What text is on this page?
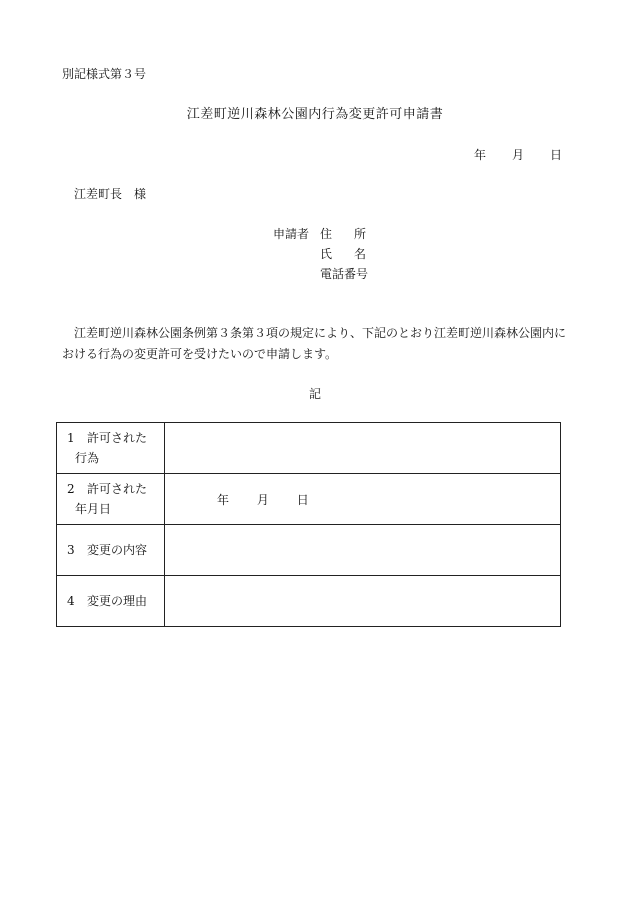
別記様式第３号
江差町逆川森林公園内行為変更許可申請書
年 月 日
江差町長　様
申請者 住 所
氏 名
電話番号
江差町逆川森林公園条例第３条第３項の規定により、下記のとおり江差町逆川森林公園内における行為の変更許可を受けたいので申請します。
記
1 許可された
行為	

2 許可された
年月日	年 月 日

3 変更の内容	

4 変更の理由	
